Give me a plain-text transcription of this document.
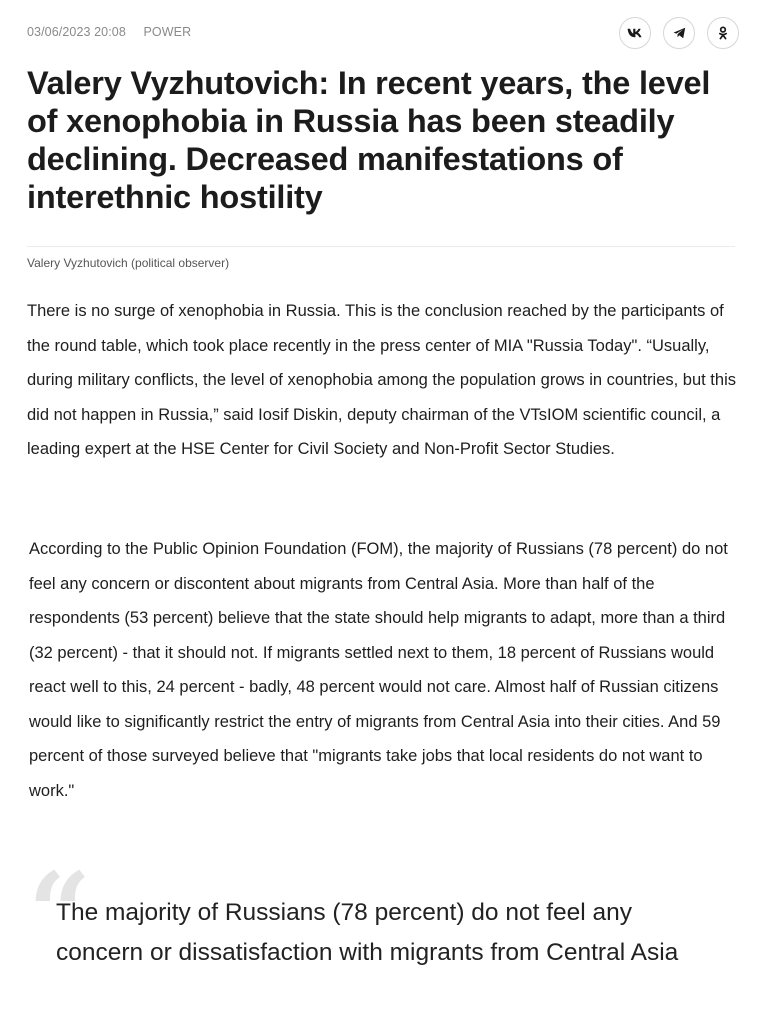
03/06/2023 20:08 POWER
Valery Vyzhutovich: In recent years, the level of xenophobia in Russia has been steadily declining. Decreased manifestations of interethnic hostility
Valery Vyzhutovich (political observer)

There is no surge of xenophobia in Russia. This is the conclusion reached by the participants of the round table, which took place recently in the press center of MIA "Russia Today". “Usually, during military conflicts, the level of xenophobia among the population grows in countries, but this did not happen in Russia,” said Iosif Diskin, deputy chairman of the VTsIOM scientific council, a leading expert at the HSE Center for Civil Society and Non-Profit Sector Studies.

According to the Public Opinion Foundation (FOM), the majority of Russians (78 percent) do not feel any concern or discontent about migrants from Central Asia. More than half of the respondents (53 percent) believe that the state should help migrants to adapt, more than a third (32 percent) - that it should not. If migrants settled next to them, 18 percent of Russians would react well to this, 24 percent - badly, 48 percent would not care. Almost half of Russian citizens would like to significantly restrict the entry of migrants from Central Asia into their cities. And 59 percent of those surveyed believe that "migrants take jobs that local residents do not want to work."

“

The majority of Russians (78 percent) do not feel any concern or dissatisfaction with migrants from Central Asia
